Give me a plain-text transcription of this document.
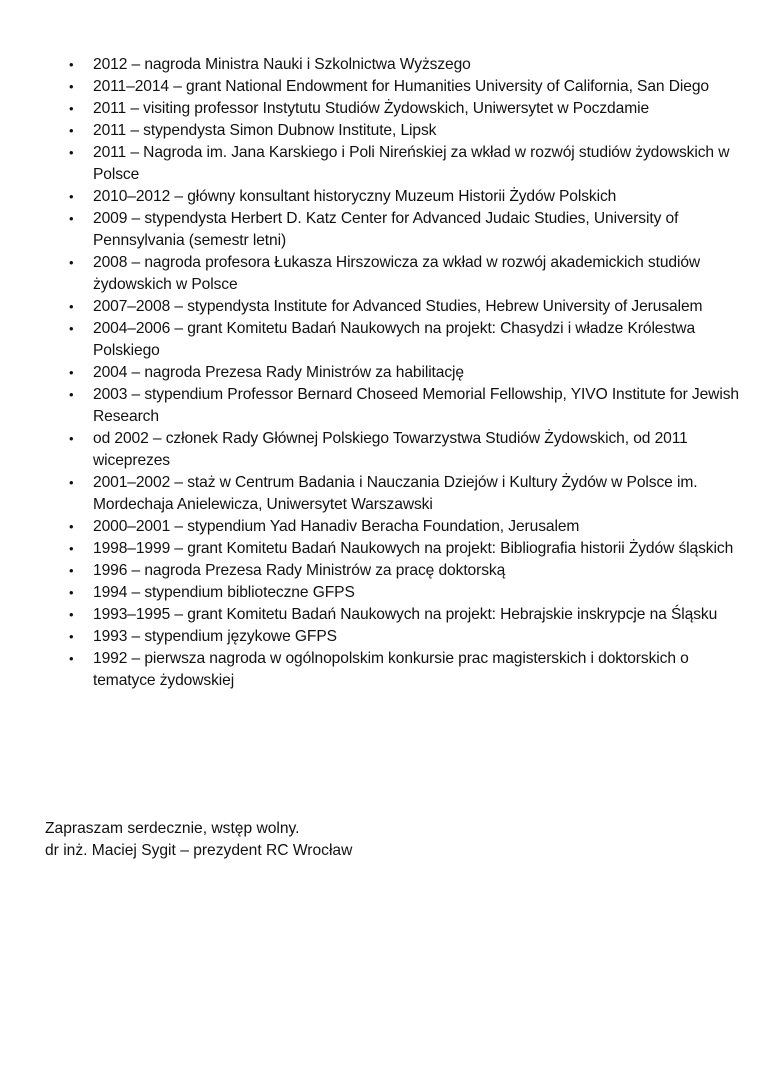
• 2012 – nagroda Ministra Nauki i Szkolnictwa Wyższego
• 2011–2014 – grant National Endowment for Humanities University of California, San Diego
• 2011 – visiting professor Instytutu Studiów Żydowskich, Uniwersytet w Poczdamie
• 2011 – stypendysta Simon Dubnow Institute, Lipsk
• 2011 – Nagroda im. Jana Karskiego i Poli Nireńskiej za wkład w rozwój studiów żydowskich w Polsce
• 2010–2012 – główny konsultant historyczny Muzeum Historii Żydów Polskich
• 2009 – stypendysta Herbert D. Katz Center for Advanced Judaic Studies, University of Pennsylvania (semestr letni)
• 2008 – nagroda profesora Łukasza Hirszowicza za wkład w rozwój akademickich studiów żydowskich w Polsce
• 2007–2008 – stypendysta Institute for Advanced Studies, Hebrew University of Jerusalem
• 2004–2006 – grant Komitetu Badań Naukowych na projekt: Chasydzi i władze Królestwa Polskiego
• 2004 – nagroda Prezesa Rady Ministrów za habilitację
• 2003 – stypendium Professor Bernard Choseed Memorial Fellowship, YIVO Institute for Jewish Research
• od 2002 – członek Rady Głównej Polskiego Towarzystwa Studiów Żydowskich, od 2011 wiceprezes
• 2001–2002 – staż w Centrum Badania i Nauczania Dziejów i Kultury Żydów w Polsce im. Mordechaja Anielewicza, Uniwersytet Warszawski
• 2000–2001 – stypendium Yad Hanadiv Beracha Foundation, Jerusalem
• 1998–1999 – grant Komitetu Badań Naukowych na projekt: Bibliografia historii Żydów śląskich
• 1996 – nagroda Prezesa Rady Ministrów za pracę doktorską
• 1994 – stypendium biblioteczne GFPS
• 1993–1995 – grant Komitetu Badań Naukowych na projekt: Hebrajskie inskrypcje na Śląsku
• 1993 – stypendium językowe GFPS
• 1992 – pierwsza nagroda w ogólnopolskim konkursie prac magisterskich i doktorskich o tematyce żydowskiej
Zapraszam serdecznie, wstęp wolny.
dr inż. Maciej Sygit – prezydent RC Wrocław
